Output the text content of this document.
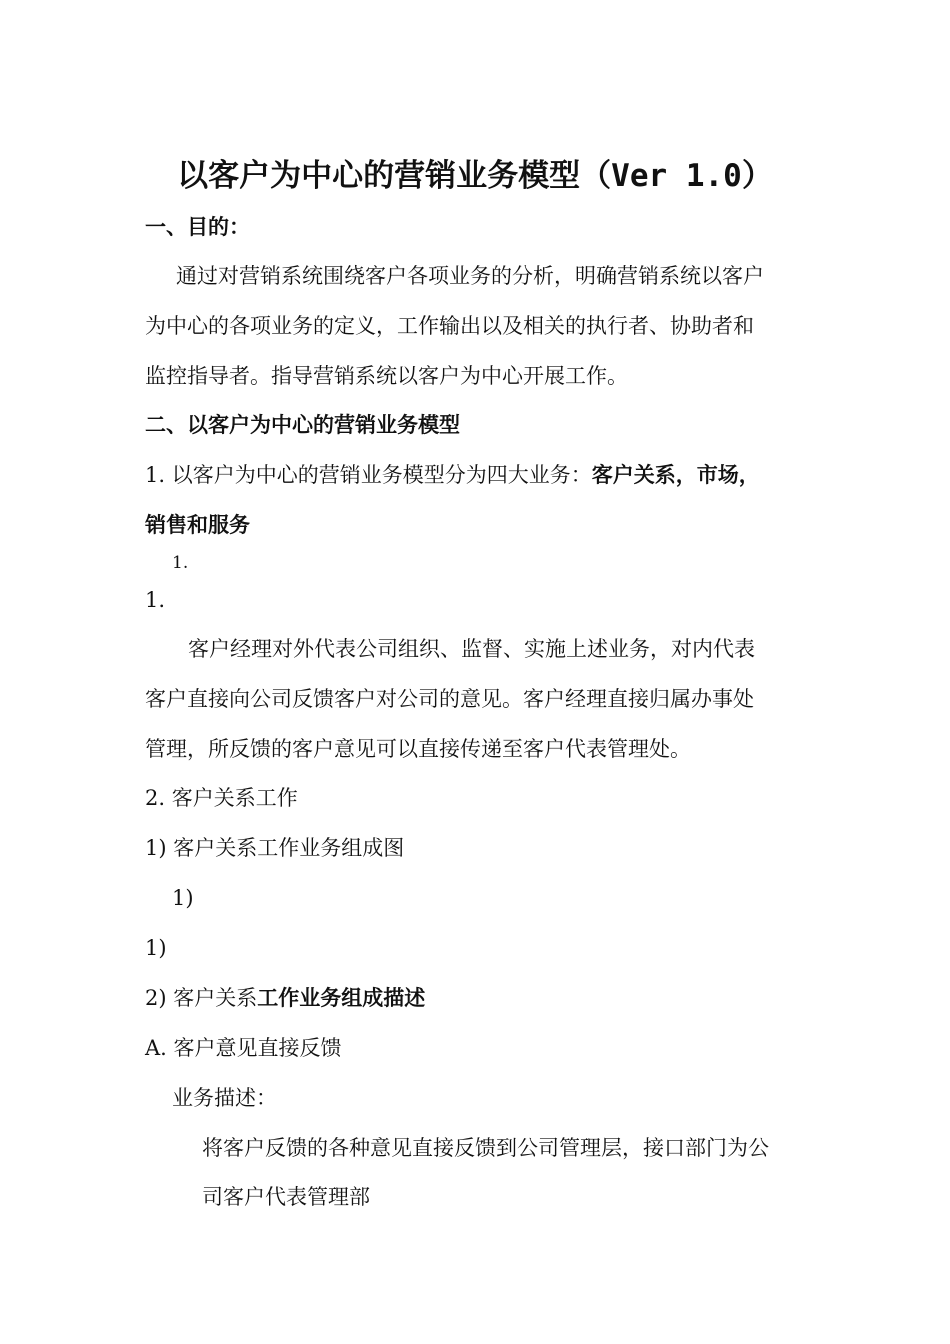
以客户为中心的营销业务模型（Ver 1.0）
一、目的：
通过对营销系统围绕客户各项业务的分析，明确营销系统以客户
为中心的各项业务的定义，工作输出以及相关的执行者、协助者和
监控指导者。指导营销系统以客户为中心开展工作。
二、以客户为中心的营销业务模型
1. 以客户为中心的营销业务模型分为四大业务：客户关系，市场，
销售和服务
1.
1.
客户经理对外代表公司组织、监督、实施上述业务，对内代表
客户直接向公司反馈客户对公司的意见。客户经理直接归属办事处
管理，所反馈的客户意见可以直接传递至客户代表管理处。
2. 客户关系工作
1) 客户关系工作业务组成图
1)
1)
2) 客户关系工作业务组成描述
A. 客户意见直接反馈
业务描述：
将客户反馈的各种意见直接反馈到公司管理层，接口部门为公
司客户代表管理部
